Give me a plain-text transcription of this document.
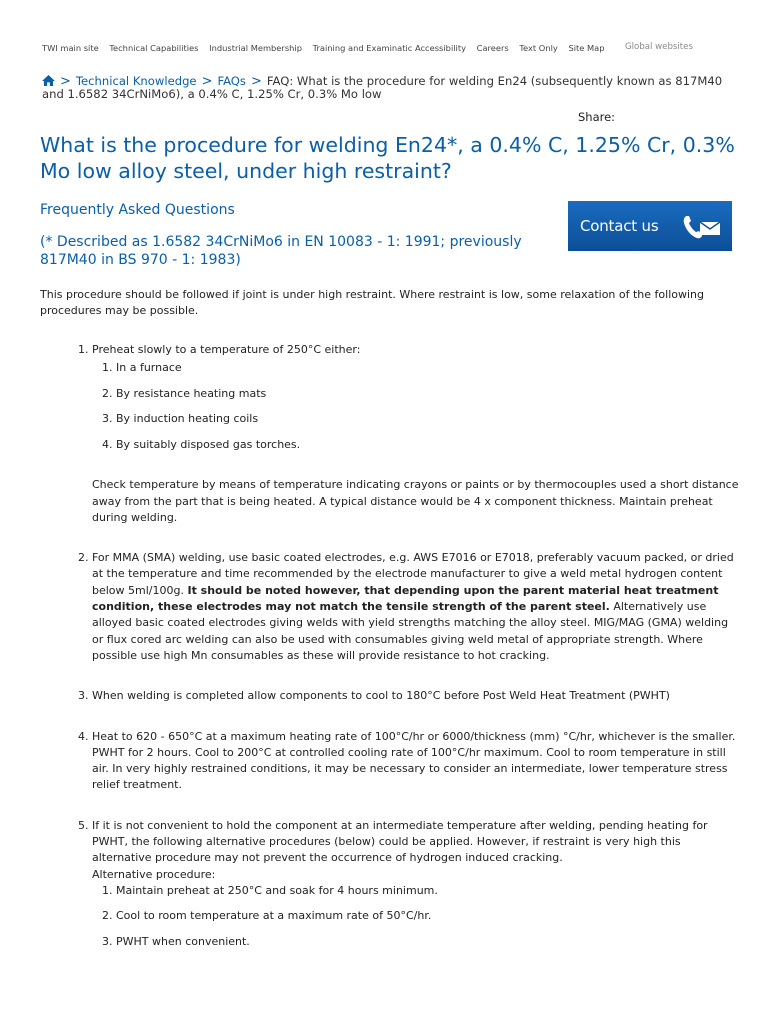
TWI main site Technical Capabilities Industrial Membership Training and Examinatic Accessibility Careers Text Only Site Map Global websites
> Technical Knowledge > FAQs > FAQ: What is the procedure for welding En24 (subsequently known as 817M40 and 1.6582 34CrNiMo6), a 0.4% C, 1.25% Cr, 0.3% Mo low
Share:
What is the procedure for welding En24*, a 0.4% C, 1.25% Cr, 0.3% Mo low alloy steel, under high restraint?
Frequently Asked Questions

(* Described as 1.6582 34CrNiMo6 in EN 10083 - 1: 1991; previously 817M40 in BS 970 - 1: 1983)

Contact us

This procedure should be followed if joint is under high restraint. Where restraint is low, some relaxation of the following procedures may be possible.

1. Preheat slowly to a temperature of 250°C either:
1. In a furnace
2. By resistance heating mats
3. By induction heating coils
4. By suitably disposed gas torches.

Check temperature by means of temperature indicating crayons or paints or by thermocouples used a short distance away from the part that is being heated. A typical distance would be 4 x component thickness. Maintain preheat during welding.

2. For MMA (SMA) welding, use basic coated electrodes, e.g. AWS E7016 or E7018, preferably vacuum packed, or dried at the temperature and time recommended by the electrode manufacturer to give a weld metal hydrogen content below 5ml/100g. It should be noted however, that depending upon the parent material heat treatment condition, these electrodes may not match the tensile strength of the parent steel. Alternatively use alloyed basic coated electrodes giving welds with yield strengths matching the alloy steel. MIG/MAG (GMA) welding or flux cored arc welding can also be used with consumables giving weld metal of appropriate strength. Where possible use high Mn consumables as these will provide resistance to hot cracking.
3. When welding is completed allow components to cool to 180°C before Post Weld Heat Treatment (PWHT)
4. Heat to 620 - 650°C at a maximum heating rate of 100°C/hr or 6000/thickness (mm) °C/hr, whichever is the smaller. PWHT for 2 hours. Cool to 200°C at controlled cooling rate of 100°C/hr maximum. Cool to room temperature in still air. In very highly restrained conditions, it may be necessary to consider an intermediate, lower temperature stress relief treatment.
5. If it is not convenient to hold the component at an intermediate temperature after welding, pending heating for PWHT, the following alternative procedures (below) could be applied. However, if restraint is very high this alternative procedure may not prevent the occurrence of hydrogen induced cracking.
Alternative procedure:
1. Maintain preheat at 250°C and soak for 4 hours minimum.
2. Cool to room temperature at a maximum rate of 50°C/hr.
3. PWHT when convenient.
